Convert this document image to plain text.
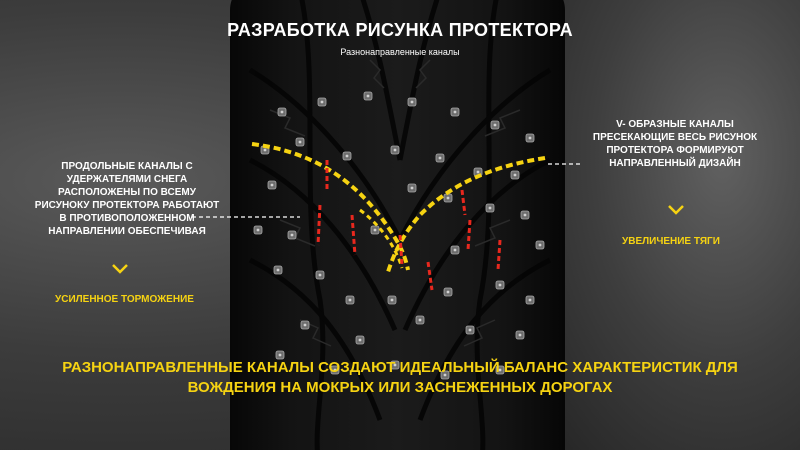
РАЗРАБОТКА РИСУНКА ПРОТЕКТОРА
Разнонаправленные каналы
ПРОДОЛЬНЫЕ КАНАЛЫ С УДЕРЖАТЕЛЯМИ СНЕГА РАСПОЛОЖЕНЫ ПО ВСЕМУ РИСУНОКУ ПРОТЕКТОРА РАБОТАЮТ В ПРОТИВОПОЛОЖЕННОМ НАПРАВЛЕНИИ ОБЕСПЕЧИВАЯ
УСИЛЕННОЕ ТОРМОЖЕНИЕ
V- ОБРАЗНЫЕ КАНАЛЫ ПРЕСЕКАЮЩИЕ ВЕСЬ РИСУНОК ПРОТЕКТОРА ФОРМИРУЮТ НАПРАВЛЕННЫЙ ДИЗАЙН
УВЕЛИЧЕНИЕ ТЯГИ
РАЗНОНАПРАВЛЕННЫЕ КАНАЛЫ СОЗДАЮТ ИДЕАЛЬНЫЙ БАЛАНС ХАРАКТЕРИСТИК ДЛЯ
ВОЖДЕНИЯ НА МОКРЫХ ИЛИ ЗАСНЕЖЕННЫХ ДОРОГАХ
